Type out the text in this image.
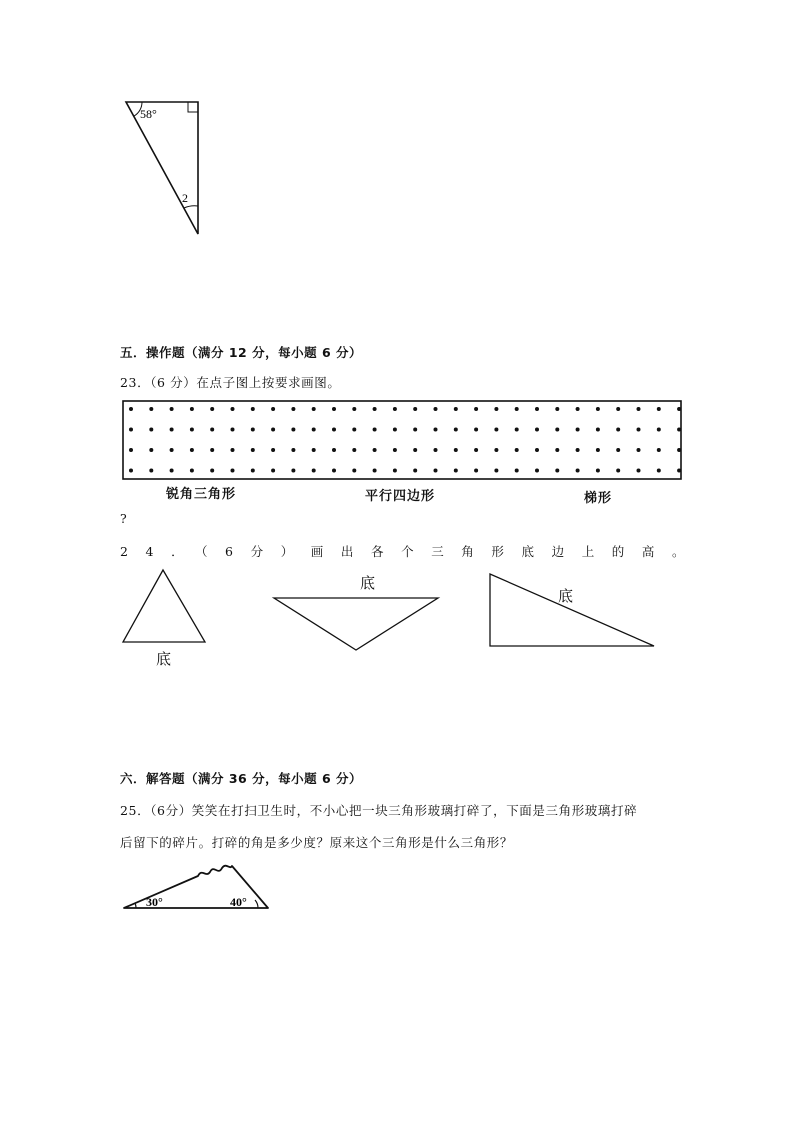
58°
2
五．操作题（满分 12 分，每小题 6 分）
23．（6 分）在点子图上按要求画图。
锐角三角形	平行四边形	梯形
?
24．（6分）画出各个三角形底边上的高。
底
底
底
六．解答题（满分 36 分，每小题 6 分）
25．（6分）笑笑在打扫卫生时，不小心把一块三角形玻璃打碎了，下面是三角形玻璃打碎
后留下的碎片。打碎的角是多少度？原来这个三角形是什么三角形？
30°	40°
